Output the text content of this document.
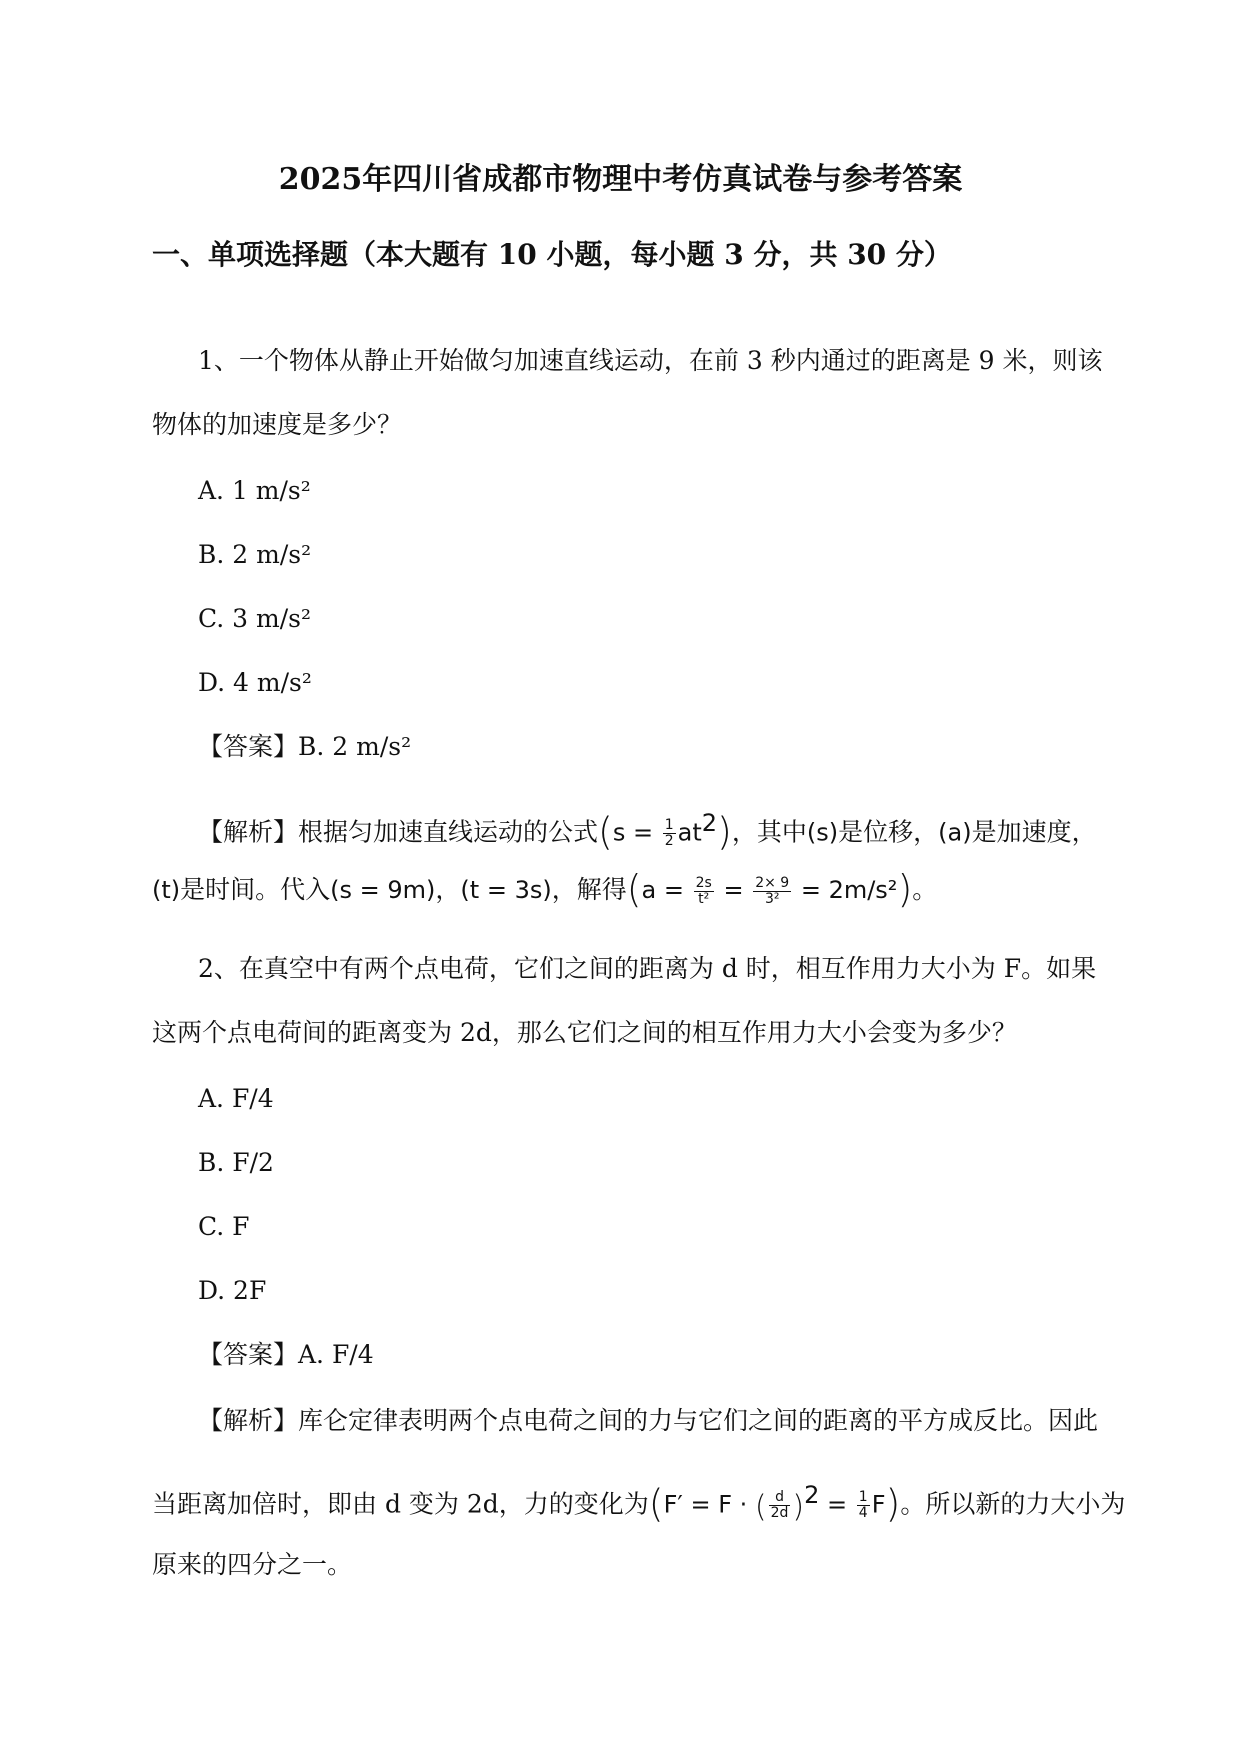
2025年四川省成都市物理中考仿真试卷与参考答案
一、单项选择题（本大题有 10 小题，每小题 3 分，共 30 分）
1、一个物体从静止开始做匀加速直线运动，在前 3 秒内通过的距离是 9 米，则该
物体的加速度是多少？
A. 1 m/s²
B. 2 m/s²
C. 3 m/s²
D. 4 m/s²
【答案】B. 2 m/s²
【解析】根据匀加速直线运动的公式$(s = \frac{1}{2} at^2)$，其中(s)是位移，(a)是加速度，
(t)是时间。代入(s = 9m)，(t = 3s)，解得$(a = \frac{2s}{\text{t²}} = \frac{2\times 9}{\text{3²}} = 2m/s^2)$。
2、在真空中有两个点电荷，它们之间的距离为 d 时，相互作用力大小为 F。如果
这两个点电荷间的距离变为 2d，那么它们之间的相互作用力大小会变为多少？
A. F/4
B. F/2
C. F
D. 2F
【答案】A. F/4
【解析】库仑定律表明两个点电荷之间的力与它们之间的距离的平方成反比。因此
当距离加倍时，即由 d 变为 2d，力的变化为(F′ = F · ( $\frac{d}{2d} )^2 = \frac{1}{4} F$)。所以新的力大小为
原来的四分之一。
